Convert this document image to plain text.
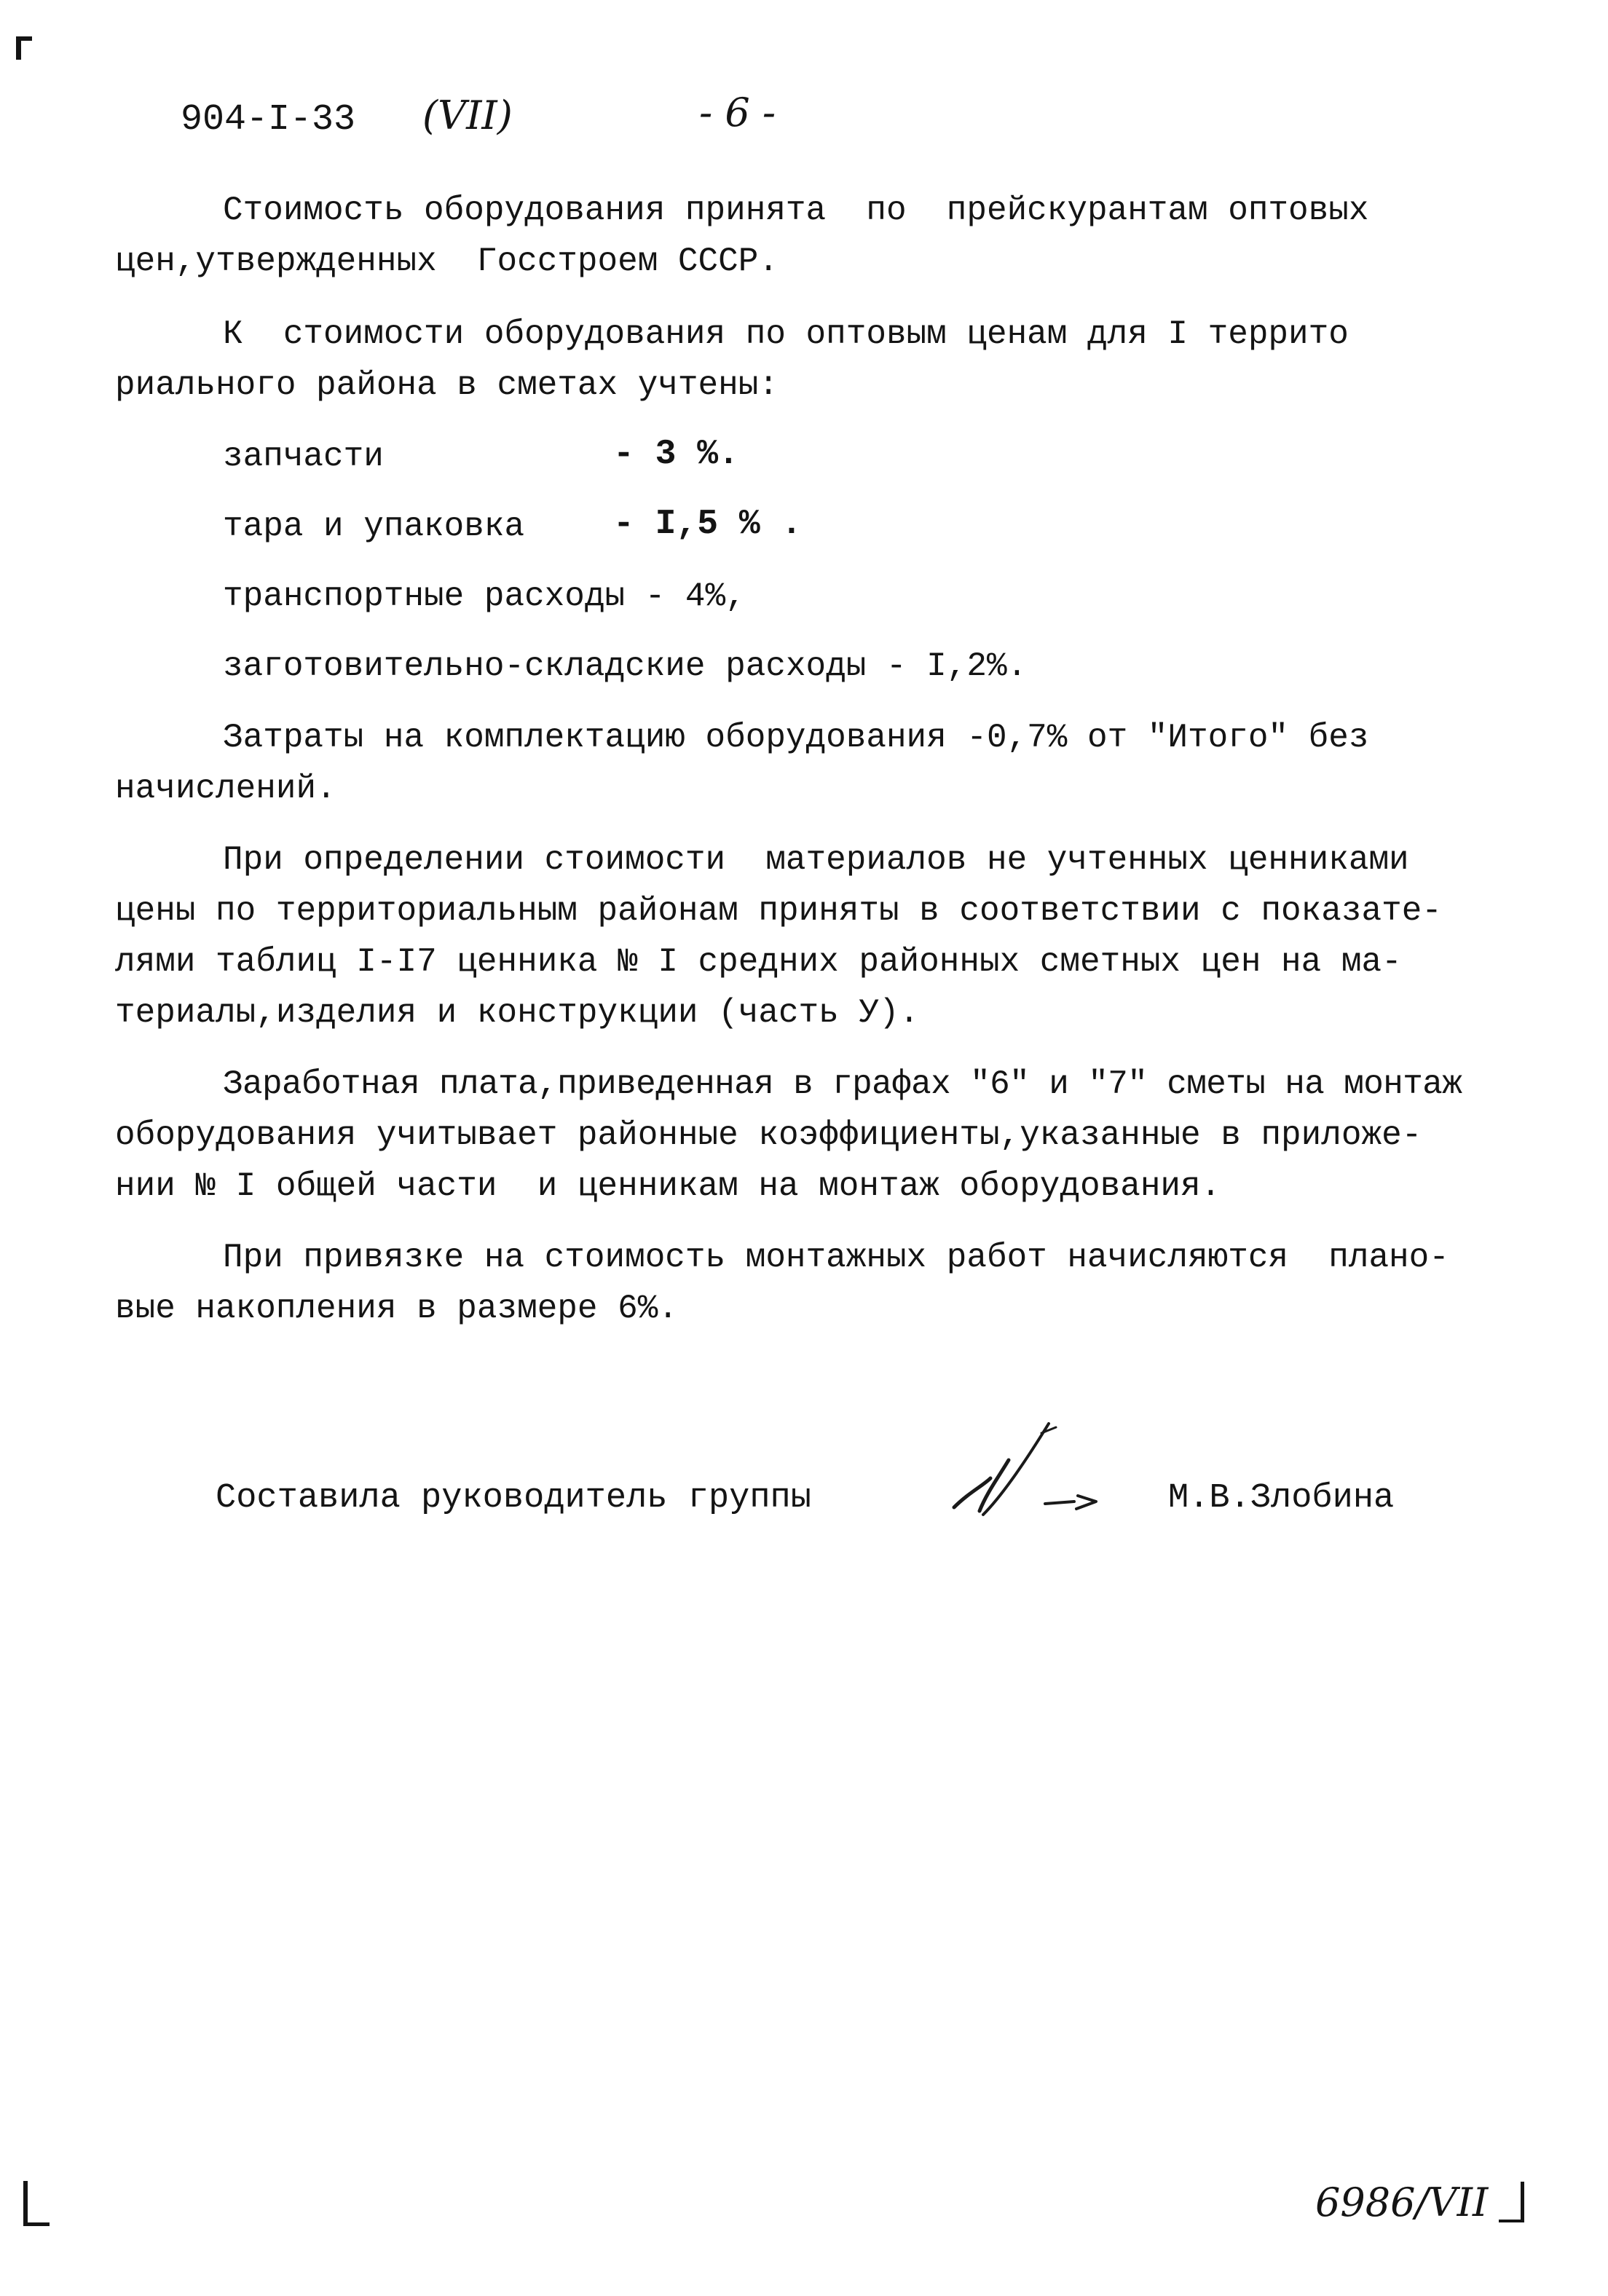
904-I-33 (VII)	- 6 -
Стоимость оборудования принята  по  прейскурантам оптовых
цен,утвержденных  Госстроем СССР.
К  стоимости оборудования по оптовым ценам для I террито
риального района в сметах учтены:
запчасти	- 3 %.
тара и упаковка	- I,5 % .
транспортные расходы - 4%,
заготовительно-складские расходы - I,2%.
Затраты на комплектацию оборудования -0,7% от "Итого" без
начислений.
При определении стоимости  материалов не учтенных ценниками
цены по территориальным районам приняты в соответствии с показате-
лями таблиц I-I7 ценника № I средних районных сметных цен на ма-
териалы,изделия и конструкции (часть У).
Заработная плата,приведенная в графах "6" и "7" сметы на монтаж
оборудования учитывает районные коэффициенты,указанные в приложе-
нии № I общей части  и ценникам на монтаж оборудования.
При привязке на стоимость монтажных работ начисляются  плано-
вые накопления в размере 6%.
Составила руководитель группы	М.В.Злобина
6986/VII
